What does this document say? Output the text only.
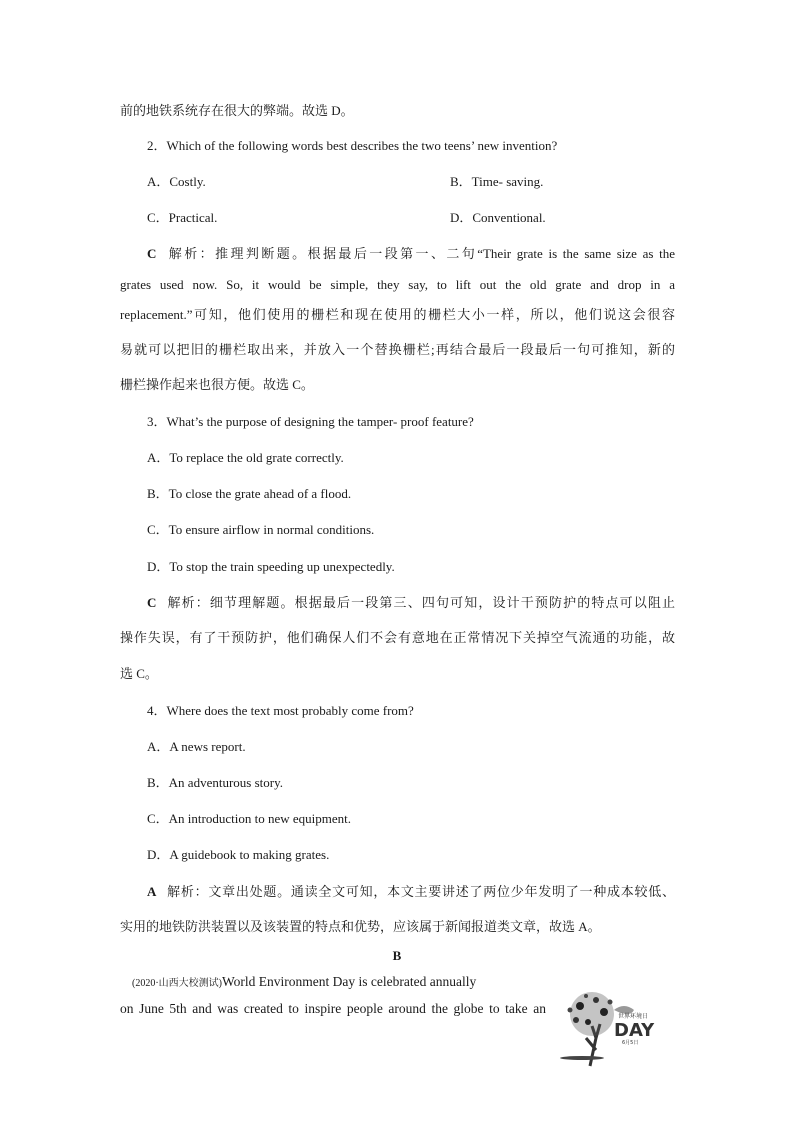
前的地铁系统存在很大的弊端。故选 D。
2．Which of the following words best describes the two teens’ new invention?
A．Costly.	B．Time- saving.
C．Practical.	D．Conventional.
C 解析：推理判断题。根据最后一段第一、二句“Their grate is the same size as the
grates used now. So, it would be simple, they say, to lift out the old grate and drop in a
replacement.”可知，他们使用的栅栏和现在使用的栅栏大小一样，所以，他们说这会很容
易就可以把旧的栅栏取出来，并放入一个替换栅栏;再结合最后一段最后一句可推知，新的
栅栏操作起来也很方便。故选 C。
3．What’s the purpose of designing the tamper- proof feature?
A．To replace the old grate correctly.
B．To close the grate ahead of a flood.
C．To ensure airflow in normal conditions.
D．To stop the train speeding up unexpectedly.
C 解析：细节理解题。根据最后一段第三、四句可知，设计干预防护的特点可以阻止
操作失误，有了干预防护，他们确保人们不会有意地在正常情况下关掉空气流通的功能，故
选 C。
4．Where does the text most probably come from?
A．A news report.
B．An adventurous story.
C．An introduction to new equipment.
D．A guidebook to making grates.
A 解析：文章出处题。通读全文可知，本文主要讲述了两位少年发明了一种成本较低、
实用的地铁防洪装置以及该装置的特点和优势，应该属于新闻报道类文章，故选 A。
B
(2020·山西大校测试)World Environment Day is celebrated annually
on June 5th and was created to inspire people around the globe to take an
世界环境日
DAY
6月5日
